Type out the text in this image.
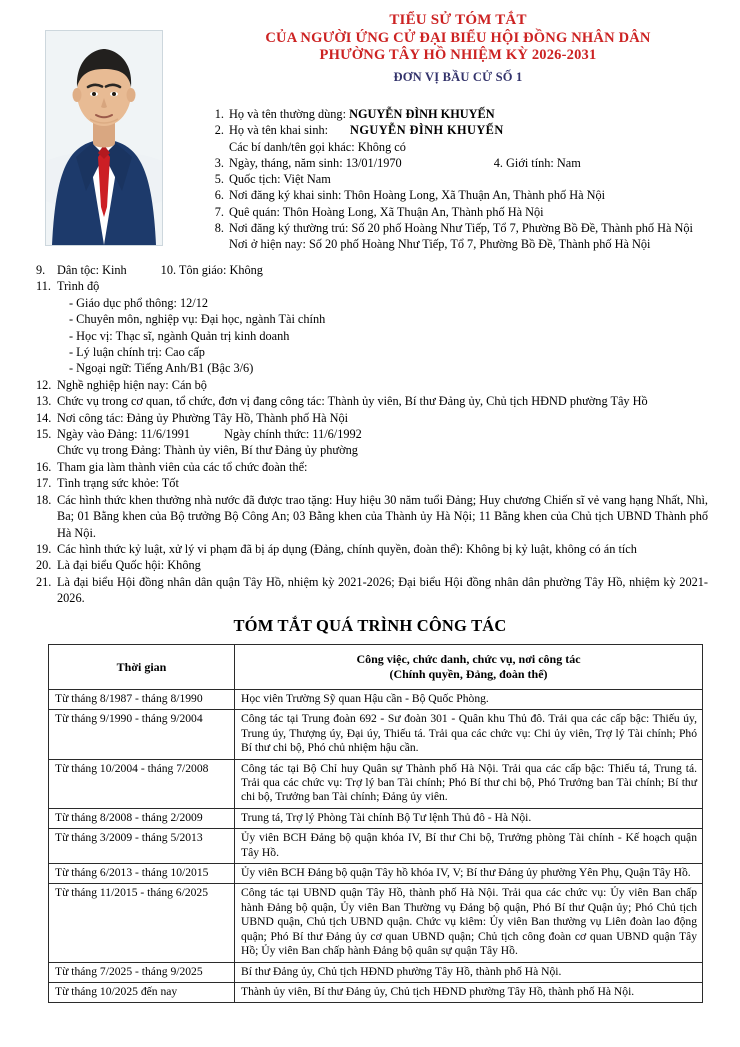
TIỂU SỬ TÓM TẮT
CỦA NGƯỜI ỨNG CỬ ĐẠI BIỂU HỘI ĐỒNG NHÂN DÂN
PHƯỜNG TÂY HỒ NHIỆM KỲ 2026-2031
ĐƠN VỊ BẦU CỬ SỐ 1
1. Họ và tên thường dùng: NGUYỄN ĐÌNH KHUYẾN
2. Họ và tên khai sinh: NGUYỄN ĐÌNH KHUYẾN
Các bí danh/tên gọi khác: Không có
3. Ngày, tháng, năm sinh: 13/01/1970	4. Giới tính: Nam
5. Quốc tịch: Việt Nam
6. Nơi đăng ký khai sinh: Thôn Hoàng Long, Xã Thuận An, Thành phố Hà Nội
7. Quê quán: Thôn Hoàng Long, Xã Thuận An, Thành phố Hà Nội
8. Nơi đăng ký thường trú: Số 20 phố Hoàng Như Tiếp, Tổ 7, Phường Bồ Đề, Thành phố Hà Nội
Nơi ở hiện nay: Số 20 phố Hoàng Như Tiếp, Tổ 7, Phường Bồ Đề, Thành phố Hà Nội
9. Dân tộc: Kinh	10. Tôn giáo: Không
11. Trình độ
- Giáo dục phổ thông: 12/12
- Chuyên môn, nghiệp vụ: Đại học, ngành Tài chính
- Học vị: Thạc sĩ, ngành Quản trị kinh doanh
- Lý luận chính trị: Cao cấp
- Ngoại ngữ: Tiếng Anh/B1 (Bậc 3/6)
12. Nghề nghiệp hiện nay: Cán bộ
13. Chức vụ trong cơ quan, tổ chức, đơn vị đang công tác: Thành ủy viên, Bí thư Đảng ủy, Chủ tịch HĐND phường Tây Hồ
14. Nơi công tác: Đảng ủy Phường Tây Hồ, Thành phố Hà Nội
15. Ngày vào Đảng: 11/6/1991	Ngày chính thức: 11/6/1992
Chức vụ trong Đảng: Thành ủy viên, Bí thư Đảng ủy phường
16. Tham gia làm thành viên của các tổ chức đoàn thể:
17. Tình trạng sức khỏe: Tốt
18. Các hình thức khen thưởng nhà nước đã được trao tặng: Huy hiệu 30 năm tuổi Đảng; Huy chương Chiến sĩ vẻ vang hạng Nhất, Nhì, Ba; 01 Bằng khen của Bộ trưởng Bộ Công An; 03 Bằng khen của Thành ủy Hà Nội; 11 Bằng khen của Chủ tịch UBND Thành phố Hà Nội.
19. Các hình thức kỷ luật, xử lý vi phạm đã bị áp dụng (Đảng, chính quyền, đoàn thể): Không bị kỷ luật, không có án tích
20. Là đại biểu Quốc hội: Không
21. Là đại biểu Hội đồng nhân dân quận Tây Hồ, nhiệm kỳ 2021-2026; Đại biểu Hội đồng nhân dân phường Tây Hồ, nhiệm kỳ 2021-2026.
TÓM TẮT QUÁ TRÌNH CÔNG TÁC
Thời gian	Công việc, chức danh, chức vụ, nơi công tác
(Chính quyền, Đảng, đoàn thể)

Từ tháng 8/1987 - tháng 8/1990	Học viên Trường Sỹ quan Hậu cần - Bộ Quốc Phòng.
Từ tháng 9/1990 - tháng 9/2004	Công tác tại Trung đoàn 692 - Sư đoàn 301 - Quân khu Thủ đô. Trải qua các cấp bậc: Thiếu úy, Trung úy, Thượng úy, Đại úy, Thiếu tá. Trải qua các chức vụ: Chi ủy viên, Trợ lý Tài chính; Phó Bí thư chi bộ, Phó chủ nhiệm hậu cần.
Từ tháng 10/2004 - tháng 7/2008	Công tác tại Bộ Chỉ huy Quân sự Thành phố Hà Nội. Trải qua các cấp bậc: Thiếu tá, Trung tá. Trải qua các chức vụ: Trợ lý ban Tài chính; Phó Bí thư chi bộ, Phó Trưởng ban Tài chính; Bí thư chi bộ, Trưởng ban Tài chính; Đảng ủy viên.
Từ tháng 8/2008 - tháng 2/2009	Trung tá, Trợ lý Phòng Tài chính Bộ Tư lệnh Thủ đô - Hà Nội.
Từ tháng 3/2009 - tháng 5/2013	Ủy viên BCH Đảng bộ quận khóa IV, Bí thư Chi bộ, Trưởng phòng Tài chính - Kế hoạch quận Tây Hồ.
Từ tháng 6/2013 - tháng 10/2015	Ủy viên BCH Đảng bộ quận Tây hồ khóa IV, V; Bí thư Đảng ủy phường Yên Phụ, Quận Tây Hồ.
Từ tháng 11/2015 - tháng 6/2025	Công tác tại UBND quận Tây Hồ, thành phố Hà Nội. Trải qua các chức vụ: Ủy viên Ban chấp hành Đảng bộ quận, Ủy viên Ban Thường vụ Đảng bộ quận, Phó Bí thư Quận ủy; Phó Chủ tịch UBND quận, Chủ tịch UBND quận. Chức vụ kiêm: Ủy viên Ban thường vụ Liên đoàn lao động quận; Phó Bí thư Đảng ủy cơ quan UBND quận; Chủ tịch công đoàn cơ quan UBND quận Tây Hồ; Ủy viên Ban chấp hành Đảng bộ quân sự quận Tây Hồ.
Từ tháng 7/2025 - tháng 9/2025	Bí thư Đảng ủy, Chủ tịch HĐND phường Tây Hồ, thành phố Hà Nội.
Từ tháng 10/2025 đến nay	Thành ủy viên, Bí thư Đảng ủy, Chủ tịch HĐND phường Tây Hồ, thành phố Hà Nội.
